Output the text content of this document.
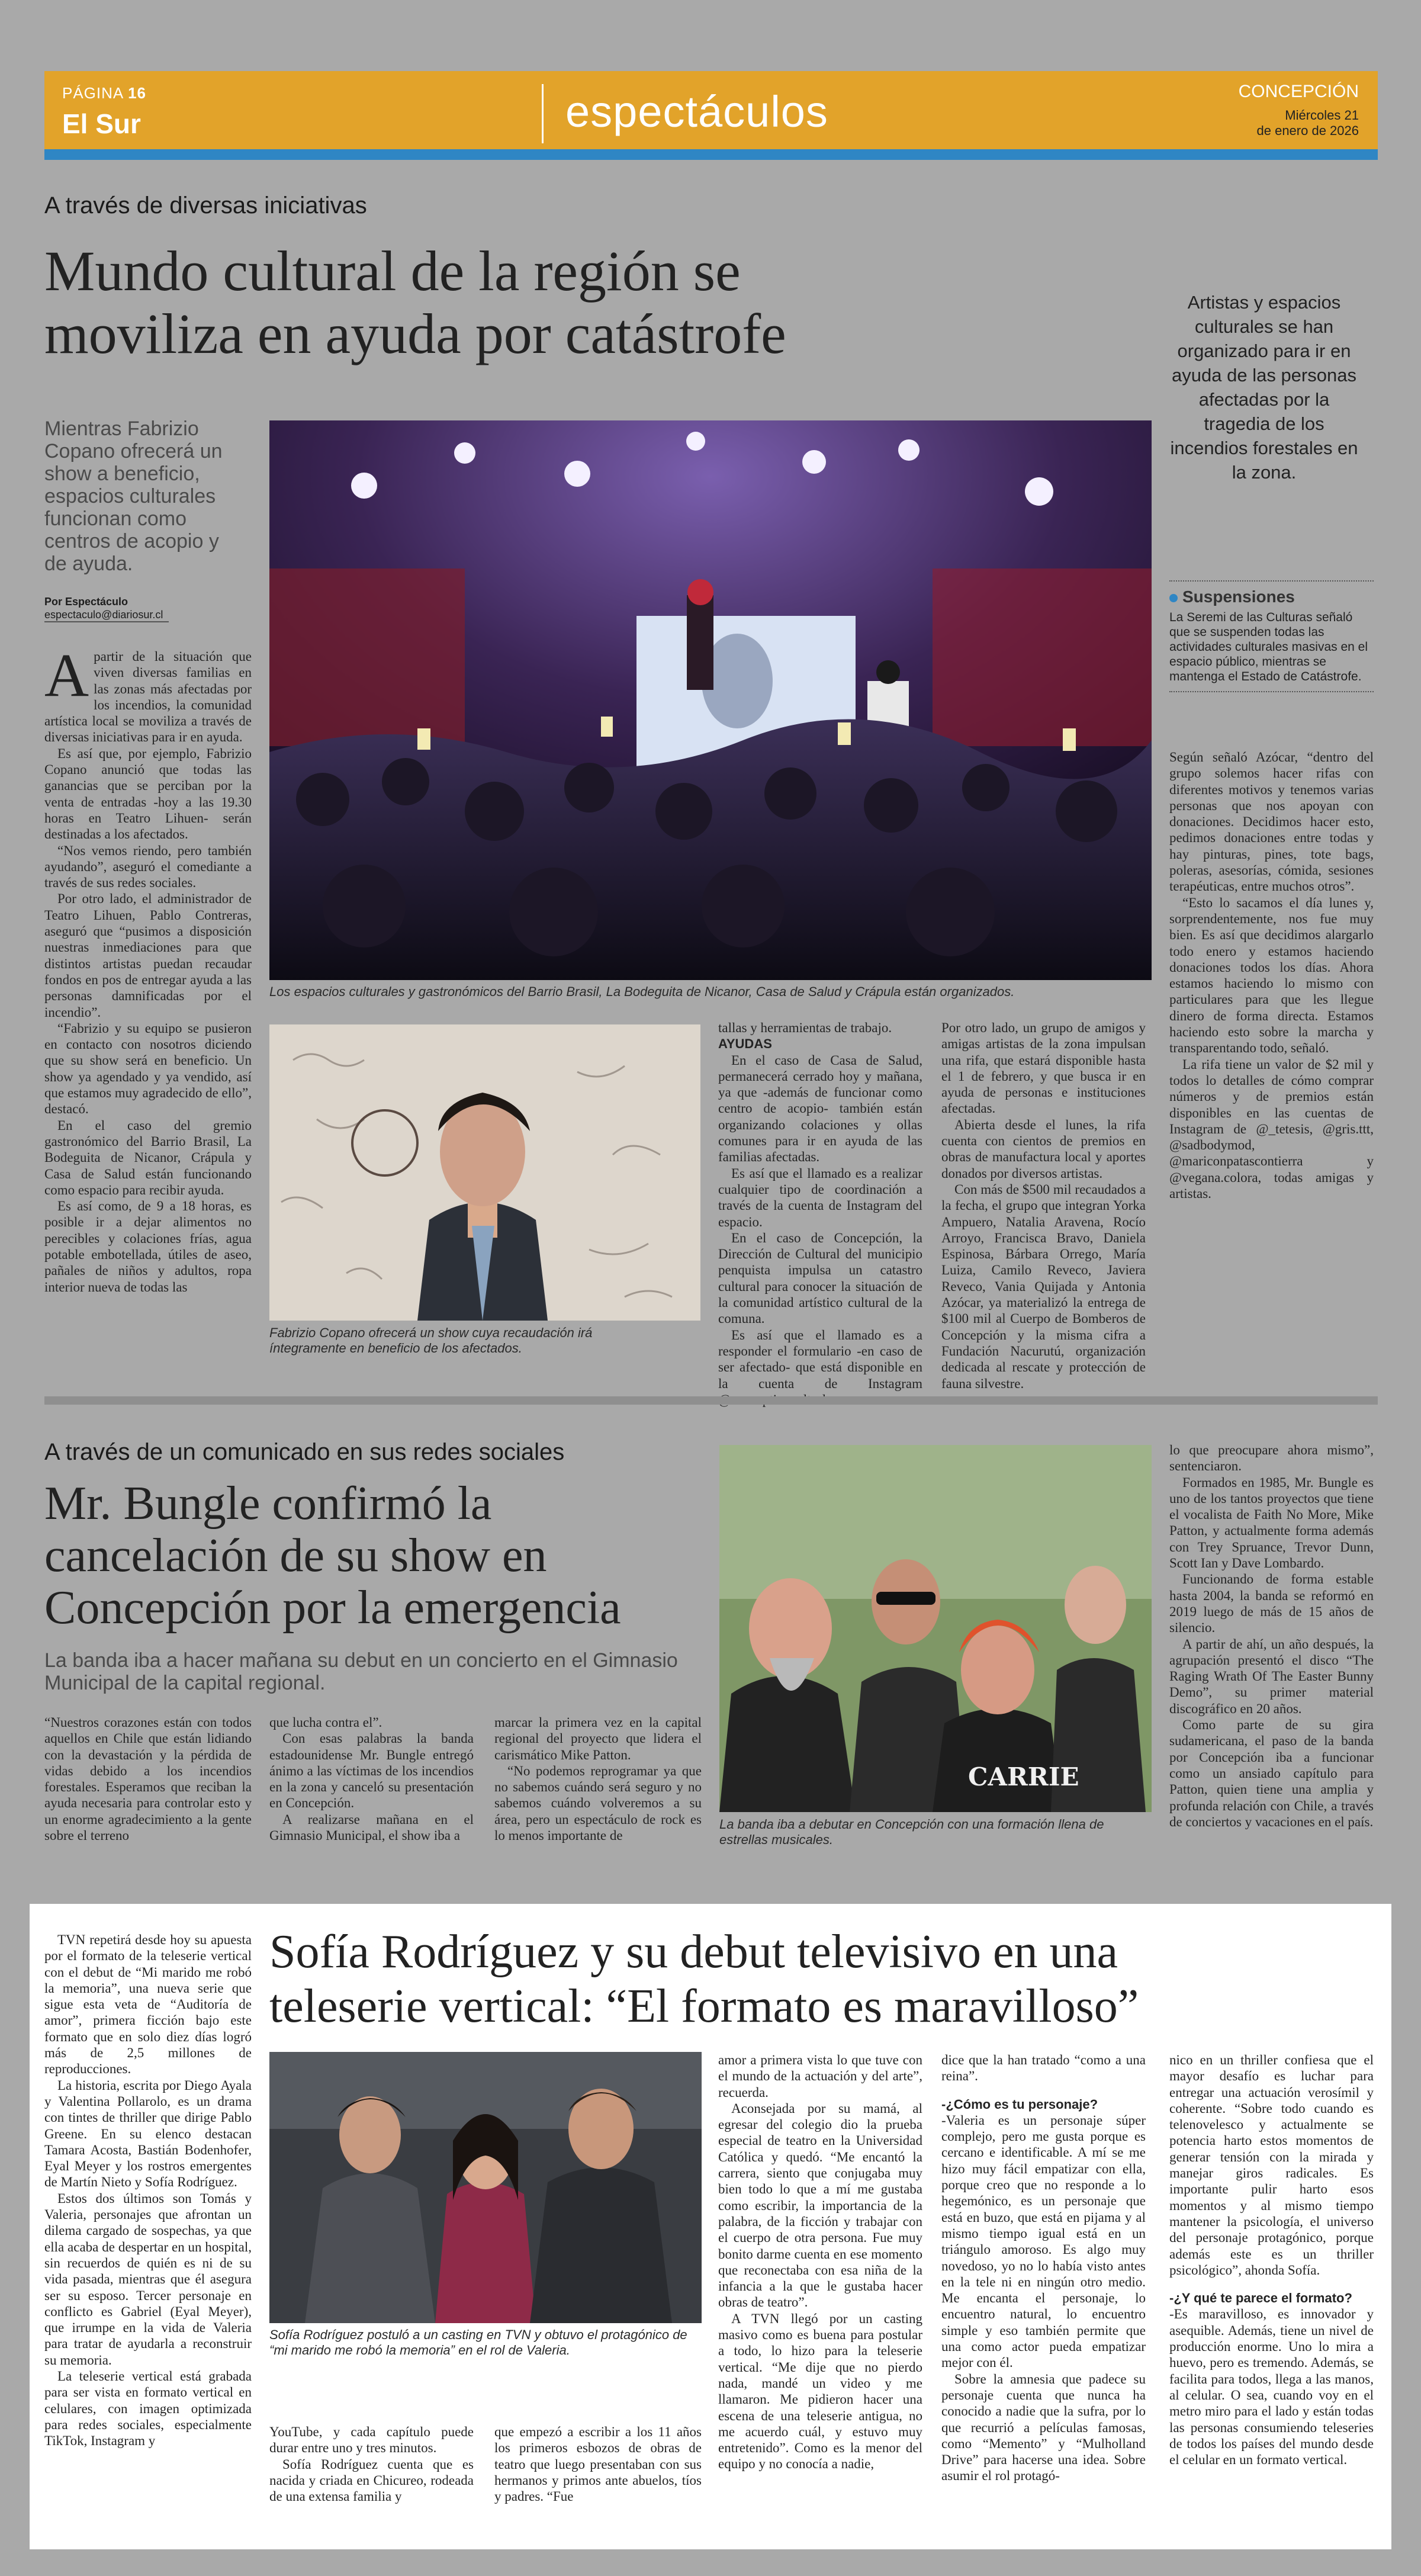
PÁGINA 16
El Sur	espectáculos	CONCEPCIÓN
Miércoles 21
de enero de 2026
A través de diversas iniciativas
Mundo cultural de la región se
moviliza en ayuda por catástrofe	Artistas y espacios culturales se han organizado para ir en ayuda de las personas afectadas por la tragedia de los incendios forestales en la zona.
Mientras Fabrizio Copano ofrecerá un show a beneficio, espacios culturales funcionan como centros de acopio y de ayuda.
Por Espectáculo
espectaculo@diariosur.cl
Los espacios culturales y gastronómicos del Barrio Brasil, La Bodeguita de Nicanor, Casa de Salud y Crápula están organizados.
Fabrizio Copano ofrecerá un show cuya recaudación irá íntegramente en beneficio de los afectados.

Apartir de la situación que viven diversas familias en las zonas más afectadas por los incendios, la comunidad artística local se moviliza a través de diversas iniciativas para ir en ayuda.

Es así que, por ejemplo, Fabrizio Copano anunció que todas las ganancias que se perciban por la venta de entradas -hoy a las 19.30 horas en Teatro Lihuen- serán destinadas a los afectados.

“Nos vemos riendo, pero también ayudando”, aseguró el comediante a través de sus redes sociales.

Por otro lado, el administrador de Teatro Lihuen, Pablo Contreras, aseguró que “pusimos a disposición nuestras inmediaciones para que distintos artistas puedan recaudar fondos en pos de entregar ayuda a las personas damnificadas por el incendio”.

“Fabrizio y su equipo se pusieron en contacto con nosotros diciendo que su show será en beneficio. Un show ya agendado y ya vendido, así que estamos muy agradecido de ello”, destacó.

En el caso del gremio gastronómico del Barrio Brasil, La Bodeguita de Nicanor, Crápula y Casa de Salud están funcionando como espacio para recibir ayuda.

Es así como, de 9 a 18 horas, es posible ir a dejar alimentos no perecibles y colaciones frías, agua potable embotellada, útiles de aseo, pañales de niños y adultos, ropa interior nueva de todas las

tallas y herramientas de trabajo.

AYUDAS

En el caso de Casa de Salud, permanecerá cerrado hoy y mañana, ya que -además de funcionar como centro de acopio- también están organizando colaciones y ollas comunes para ir en ayuda de las familias afectadas.

Es así que el llamado es a realizar cualquier tipo de coordinación a través de la cuenta de Instagram del espacio.

En el caso de Concepción, la Dirección de Cultural del municipio penquista impulsa un catastro cultural para conocer la situación de la comunidad artístico cultural de la comuna.

Es así que el llamado es a responder el formulario -en caso de ser afectado- que está disponible en la cuenta de Instagram

Por otro lado, un grupo de amigos y amigas artistas de la zona impulsan una rifa, que estará disponible hasta el 1 de febrero, y que busca ir en ayuda de personas e instituciones afectadas.

Abierta desde el lunes, la rifa cuenta con cientos de premios en obras de manufactura local y aportes donados por diversos artistas.

Con más de $500 mil recaudados a la fecha, el grupo que integran Yorka Ampuero, Natalia Aravena, Rocío Arroyo, Francisca Bravo, Daniela Espinosa, Bárbara Orrego, María Luiza, Camilo Reveco, Javiera Reveco, Vania Quijada y Antonia Azócar, ya materializó la entrega de $100 mil al Cuerpo de Bomberos de Concepción y la misma cifra a Fundación Nacurutú, organización dedicada al rescate y protección de fauna silvestre.

Suspensiones
La Seremi de las Culturas señaló que se suspenden todas las actividades culturales masivas en el espacio público, mientras se mantenga el Estado de Catástrofe.

Según señaló Azócar, “dentro del grupo solemos hacer rifas con diferentes motivos y tenemos varias personas que nos apoyan con donaciones. Decidimos hacer esto, pedimos donaciones entre todas y hay pinturas, pines, tote bags, poleras, asesorías, cómida, sesiones terapéuticas, entre muchos otros”.

“Esto lo sacamos el día lunes y, sorprendentemente, nos fue muy bien. Es así que decidimos alargarlo todo enero y estamos haciendo donaciones todos los días. Ahora estamos haciendo lo mismo con particulares para que les llegue dinero de forma directa. Estamos haciendo esto sobre la marcha y transparentando todo, señaló.

La rifa tiene un valor de $2 mil y todos lo detalles de cómo comprar números y de premios están disponibles en las cuentas de Instagram de @_tetesis, @gris.ttt, @sadbodymod, @mariconpatascontierra y @vegana.colora, todas amigas y artistas.

A través de un comunicado en sus redes sociales
Mr. Bungle confirmó la
cancelación de su show en
Concepción por la emergencia
La banda iba a hacer mañana su debut en un concierto en el Gimnasio Municipal de la capital regional.

“Nuestros corazones están con todos aquellos en Chile que están lidiando con la devastación y la pérdida de vidas debido a los incendios forestales. Esperamos que reciban la ayuda necesaria para controlar esto y un enorme agradecimiento a la gente sobre el terreno

que lucha contra el”.

Con esas palabras la banda estadounidense Mr. Bungle entregó ánimo a las víctimas de los incendios en la zona y canceló su presentación en Concepción.

A realizarse mañana en el Gimnasio Municipal, el show iba a

marcar la primera vez en la capital regional del proyecto que lidera el carismático Mike Patton.

“No podemos reprogramar ya que no sabemos cuándo será seguro y no sabemos cuándo volveremos a su área, pero un espectáculo de rock es lo menos importante de

CARRIE
La banda iba a debutar en Concepción con una formación llena de estrellas musicales.

lo que preocupare ahora mismo”, sentenciaron.

Formados en 1985, Mr. Bungle es uno de los tantos proyectos que tiene el vocalista de Faith No More, Mike Patton, y actualmente forma además con Trey Spruance, Trevor Dunn, Scott Ian y Dave Lombardo.

Funcionando de forma estable hasta 2004, la banda se reformó en 2019 luego de más de 15 años de silencio.

A partir de ahí, un año después, la agrupación presentó el disco “The Raging Wrath Of The Easter Bunny Demo”, su primer material discográfico en 20 años.

Como parte de su gira sudamericana, el paso de la banda por Concepción iba a funcionar como un ansiado capítulo para Patton, quien tiene una amplia y profunda relación con Chile, a través de conciertos y vacaciones en el país.

Sofía Rodríguez y su debut televisivo en una
teleserie vertical: “El formato es maravilloso”

TVN repetirá desde hoy su apuesta por el formato de la teleserie vertical con el debut de “Mi marido me robó la memoria”, una nueva serie que sigue esta veta de “Auditoría de amor”, primera ficción bajo este formato que en solo diez días logró más de 2,5 millones de reproducciones.

La historia, escrita por Diego Ayala y Valentina Pollarolo, es un drama con tintes de thriller que dirige Pablo Greene. En su elenco destacan Tamara Acosta, Bastián Bodenhofer, Eyal Meyer y los rostros emergentes de Martín Nieto y Sofía Rodríguez.

Estos dos últimos son Tomás y Valeria, personajes que afrontan un dilema cargado de sospechas, ya que ella acaba de despertar en un hospital, sin recuerdos de quién es ni de su vida pasada, mientras que él asegura ser su esposo. Tercer personaje en conflicto es Gabriel (Eyal Meyer), que irrumpe en la vida de Valeria para tratar de ayudarla a reconstruir su memoria.

La teleserie vertical está grabada para ser vista en formato vertical en celulares, con imagen optimizada para redes sociales, especialmente TikTok, Instagram y

Sofía Rodríguez postuló a un casting en TVN y obtuvo el protagónico de “mi marido me robó la memoria” en el rol de Valeria.

YouTube, y cada capítulo puede durar entre uno y tres minutos.

Sofía Rodríguez cuenta que es nacida y criada en Chicureo, rodeada de una extensa familia y

que empezó a escribir a los 11 años los primeros esbozos de obras de teatro que luego presentaban con sus hermanos y primos ante abuelos, tíos y padres. “Fue

amor a primera vista lo que tuve con el mundo de la actuación y del arte”, recuerda.

Aconsejada por su mamá, al egresar del colegio dio la prueba especial de teatro en la Universidad Católica y quedó. “Me encantó la carrera, siento que conjugaba muy bien todo lo que a mí me gustaba como escribir, la importancia de la palabra, de la ficción y trabajar con el cuerpo de otra persona. Fue muy bonito darme cuenta en ese momento que reconectaba con esa niña de la infancia a la que le gustaba hacer obras de teatro”.

A TVN llegó por un casting masivo como es buena para postular a todo, lo hizo para la teleserie vertical. “Me dije que no pierdo nada, mandé un video y me llamaron. Me pidieron hacer una escena de una teleserie antigua, no me acuerdo cuál, y estuvo muy entretenido”. Como es la menor del equipo y no conocía a nadie,

dice que la han tratado “como a una reina”.

-¿Cómo es tu personaje?

-Valeria es un personaje súper complejo, pero me gusta porque es cercano e identificable. A mí se me hizo muy fácil empatizar con ella, porque creo que no responde a lo hegemónico, es un personaje que está en buzo, que está en pijama y al mismo tiempo igual está en un triángulo amoroso. Es algo muy novedoso, yo no lo había visto antes en la tele ni en ningún otro medio. Me encanta el personaje, lo encuentro natural, lo encuentro simple y eso también permite que una como actor pueda empatizar mejor con él.

Sobre la amnesia que padece su personaje cuenta que nunca ha conocido a nadie que la sufra, por lo que recurrió a películas famosas, como “Memento” y “Mulholland Drive” para hacerse una idea. Sobre asumir el rol protagó-

nico en un thriller confiesa que el mayor desafío es luchar para entregar una actuación verosímil y coherente. “Sobre todo cuando es telenovelesco y actualmente se potencia harto estos momentos de generar tensión con la mirada y manejar giros radicales. Es importante pulir harto esos momentos y al mismo tiempo mantener la psicología, el universo del personaje protagónico, porque además este es un thriller psicológico”, ahonda Sofía.

-¿Y qué te parece el formato?

-Es maravilloso, es innovador y asequible. Además, tiene un nivel de producción enorme. Uno lo mira a huevo, pero es tremendo. Además, se facilita para todos, llega a las manos, al celular. O sea, cuando voy en el metro miro para el lado y están todas las personas consumiendo teleseries de todos los países del mundo desde el celular en un formato vertical.
